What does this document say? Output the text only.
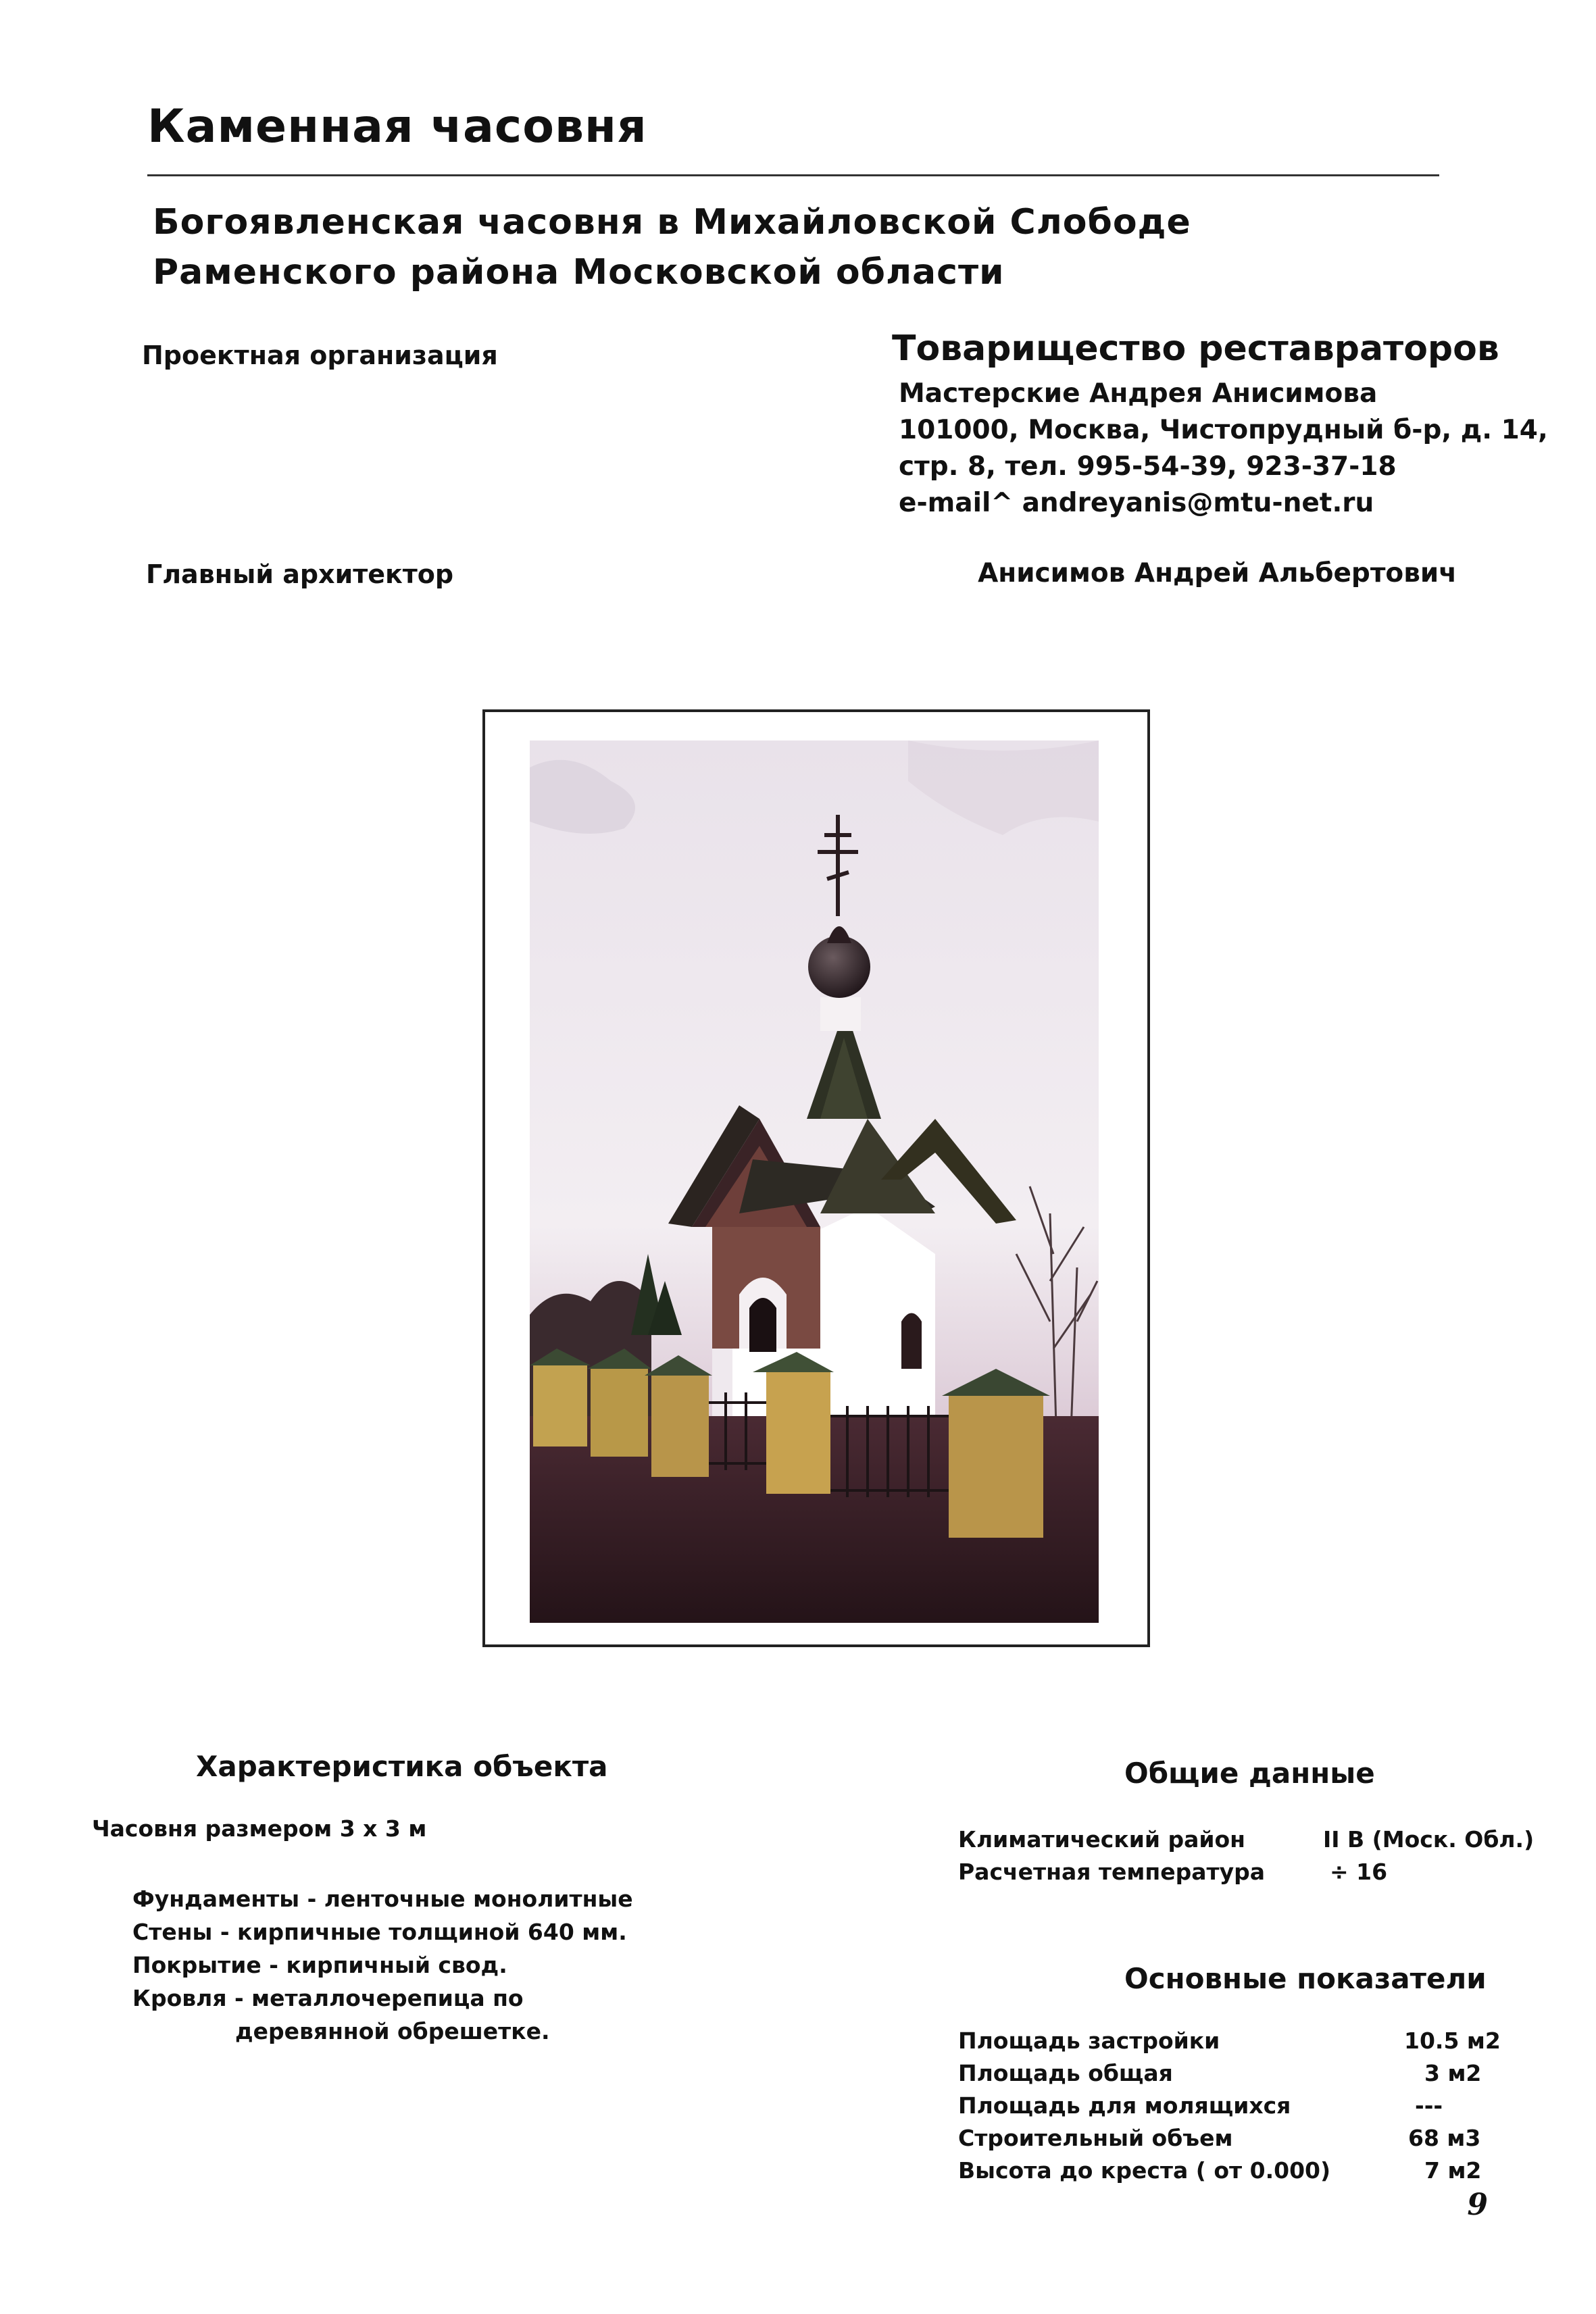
Каменная часовня
Богоявленская часовня в Михайловской Слободе
Раменского района Московской области
Проектная организация	Товарищество реставраторов
Мастерские Андрея Анисимова
101000, Москва, Чистопрудный б-р, д. 14,
стр. 8, тел. 995-54-39, 923-37-18
e-mail^ andreyanis@mtu-net.ru
Главный архитектор	Анисимов Андрей Альбертович
Характеристика объекта
Часовня размером 3 х 3 м
Фундаменты - ленточные монолитные
Стены - кирпичные толщиной 640 мм.
Покрытие - кирпичный свод.
Кровля - металлочерепица по
деревянной обрешетке.
Общие данные
Климатический район	II В (Моск. Обл.)
Расчетная температура	÷ 16
Основные показатели
Площадь застройки	10.5 м2
Площадь общая	3 м2
Площадь для молящихся	---
Строительный объем	68 м3
Высота до креста ( от 0.000)	7 м2
9
